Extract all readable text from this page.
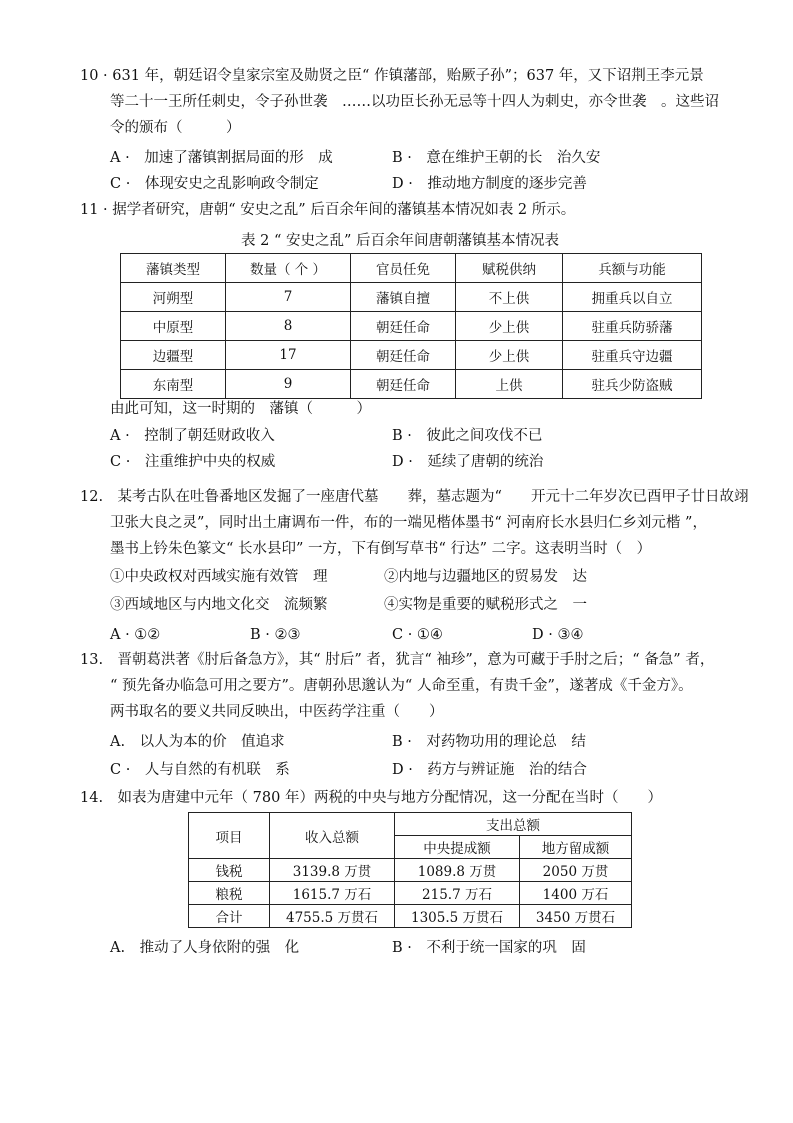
10 · 631 年，朝廷诏令皇家宗室及勋贤之臣“ 作镇藩部，贻厥子孙”；637 年，又下诏荆王李元景
等二十一王所任刺史，令子孙世袭　……以功臣长孙无忌等十四人为刺史，亦令世袭　。这些诏
令的颁布（　　　）
A ·　加速了藩镇割据局面的形　成	B ·　意在维护王朝的长　治久安
C ·　体现安史之乱影响政令制定	D ·　推动地方制度的逐步完善
11 · 据学者研究，唐朝“ 安史之乱” 后百余年间的藩镇基本情况如表 2 所示。
表 2 “ 安史之乱” 后百余年间唐朝藩镇基本情况表
藩镇类型	数量（ 个 ）	官员任免	赋税供纳	兵额与功能
河朔型	7	藩镇自擅	不上供	拥重兵以自立
中原型	8	朝廷任命	少上供	驻重兵防骄藩
边疆型	17	朝廷任命	少上供	驻重兵守边疆
东南型	9	朝廷任命	上供	驻兵少防盗贼
由此可知，这一时期的　藩镇（　　　）
A ·　控制了朝廷财政收入	B ·　彼此之间攻伐不已
C ·　注重维护中央的权威	D ·　延续了唐朝的统治
12.　某考古队在吐鲁番地区发掘了一座唐代墓　　葬，墓志题为“　　开元十二年岁次已酉甲子廿日故翊
卫张大良之灵”，同时出土庸调布一件，布的一端见楷体墨书“ 河南府长水县归仁乡刘元楷 ”，
墨书上钤朱色篆文“ 长水县印” 一方，下有倒写草书“ 行达” 二字。这表明当时（　）
①中央政权对西域实施有效管　理	②内地与边疆地区的贸易发　达
③西域地区与内地文化交　流频繁	④实物是重要的赋税形式之　一
A · ①②	B · ②③	C · ①④	D · ③④
13.　晋朝葛洪著《肘后备急方》，其“ 肘后” 者，犹言“ 袖珍”，意为可藏于手肘之后；“ 备急” 者，
“ 预先备办临急可用之要方”。唐朝孙思邈认为“ 人命至重，有贵千金”，遂著成《千金方》。
两书取名的要义共同反映出，中医药学注重（　　）
A.　以人为本的价　值追求	B ·　对药物功用的理论总　结
C ·　人与自然的有机联　系	D ·　药方与辨证施　治的结合
14.　如表为唐建中元年（ 780 年）两税的中央与地方分配情况，这一分配在当时（　　）
项目	收入总额	支出总额	
		中央提成额	地方留成额
钱税	3139.8 万贯	1089.8 万贯	2050 万贯
粮税	1615.7 万石	215.7 万石	1400 万石
合计	4755.5 万贯石	1305.5 万贯石	3450 万贯石
A.　推动了人身依附的强　化	B ·　不利于统一国家的巩　固
